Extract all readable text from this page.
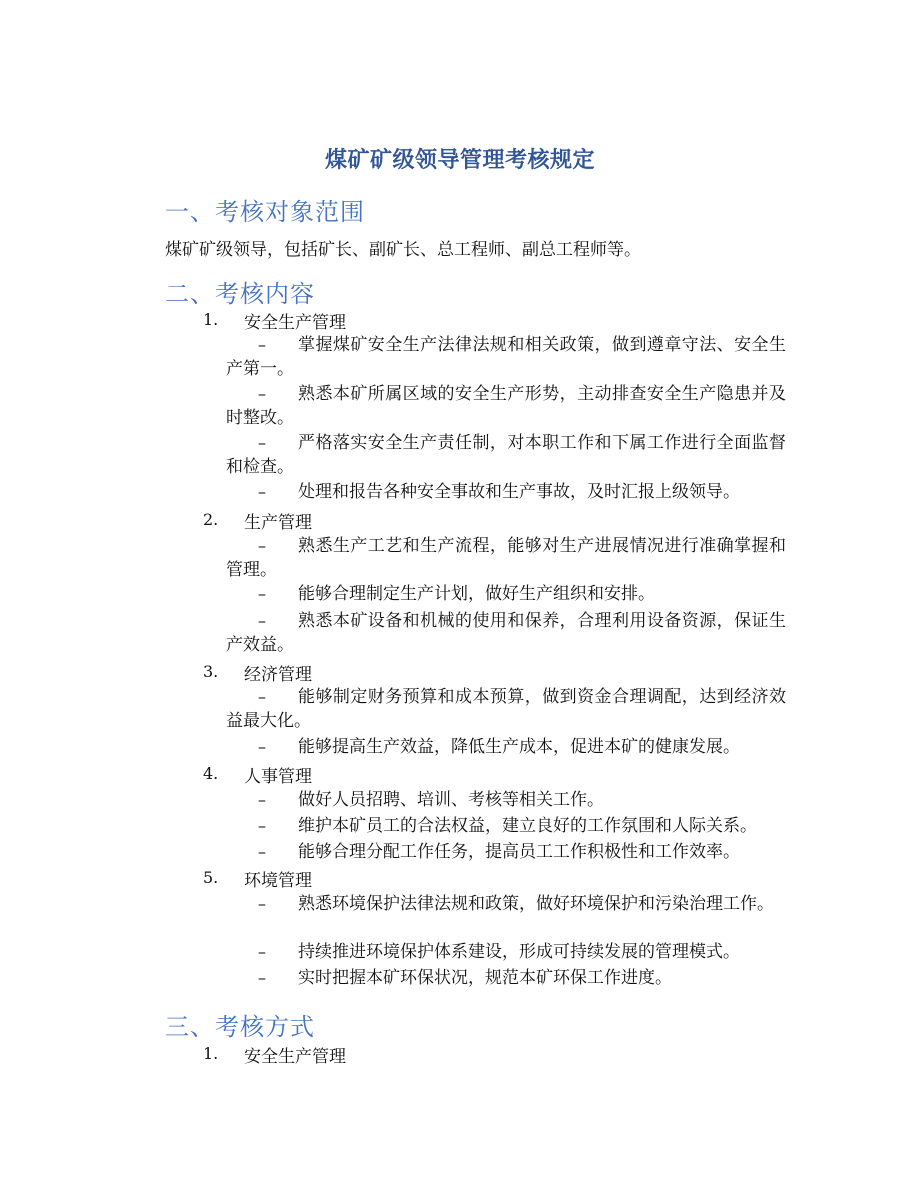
煤矿矿级领导管理考核规定
一、考核对象范围
煤矿矿级领导，包括矿长、副矿长、总工程师、副总工程师等。
二、考核内容
1. 安全生产管理
–	掌握煤矿安全生产法律法规和相关政策，做到遵章守法、安全生产第一。
–	熟悉本矿所属区域的安全生产形势，主动排查安全生产隐患并及时整改。
–	严格落实安全生产责任制，对本职工作和下属工作进行全面监督和检查。
–	处理和报告各种安全事故和生产事故，及时汇报上级领导。
2. 生产管理
–	熟悉生产工艺和生产流程，能够对生产进展情况进行准确掌握和管理。
–	能够合理制定生产计划，做好生产组织和安排。
–	熟悉本矿设备和机械的使用和保养，合理利用设备资源，保证生产效益。
3. 经济管理
–	能够制定财务预算和成本预算，做到资金合理调配，达到经济效益最大化。
–	能够提高生产效益，降低生产成本，促进本矿的健康发展。
4. 人事管理
–	做好人员招聘、培训、考核等相关工作。
–	维护本矿员工的合法权益，建立良好的工作氛围和人际关系。
–	能够合理分配工作任务，提高员工工作积极性和工作效率。
5. 环境管理
–	熟悉环境保护法律法规和政策，做好环境保护和污染治理工作。
–	持续推进环境保护体系建设，形成可持续发展的管理模式。
–	实时把握本矿环保状况，规范本矿环保工作进度。
三、考核方式
1. 安全生产管理
